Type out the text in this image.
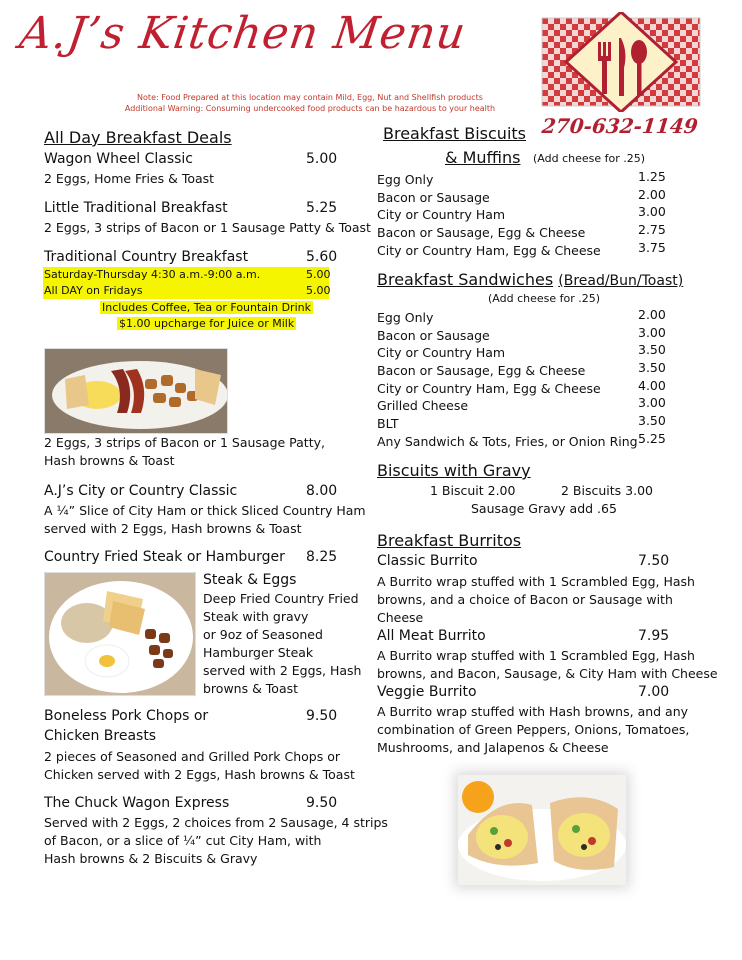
A.J’s Kitchen Menu
Note: Food Prepared at this location may contain Mild, Egg, Nut and Shellfish products
Additional Warning: Consuming undercooked food products can be hazardous to your health
270-632-1149
All Day Breakfast Deals
Wagon Wheel Classic	5.00
2 Eggs, Home Fries & Toast
Little Traditional Breakfast	5.25
2 Eggs, 3 strips of Bacon or 1 Sausage Patty & Toast
Traditional Country Breakfast	5.60
Saturday-Thursday 4:30 a.m.-9:00 a.m.	5.00
All DAY on Fridays	5.00
Includes Coffee, Tea or Fountain Drink
$1.00 upcharge for Juice or Milk
2 Eggs, 3 strips of Bacon or 1 Sausage Patty,
Hash browns & Toast
A.J’s City or Country Classic	8.00
A ¼” Slice of City Ham or thick Sliced Country Ham
served with 2 Eggs, Hash browns & Toast
Country Fried Steak or Hamburger 8.25
Steak & Eggs
Deep Fried Country Fried
Steak with gravy
or 9oz of Seasoned
Hamburger Steak
served with 2 Eggs, Hash
browns & Toast
Boneless Pork Chops or
Chicken Breasts
9.50
2 pieces of Seasoned and Grilled Pork Chops or
Chicken served with 2 Eggs, Hash browns & Toast
The Chuck Wagon Express	9.50
Served with 2 Eggs, 2 choices from 2 Sausage, 4 strips
of Bacon, or a slice of ¼” cut City Ham, with
Hash browns & 2 Biscuits & Gravy
Breakfast Biscuits
& Muffins (Add cheese for .25)
Egg Only	1.25
Bacon or Sausage	2.00
City or Country Ham	3.00
Bacon or Sausage, Egg & Cheese	2.75
City or Country Ham, Egg & Cheese	3.75
Breakfast Sandwiches (Bread/Bun/Toast)
(Add cheese for .25)
Egg Only	2.00
Bacon or Sausage	3.00
City or Country Ham	3.50
Bacon or Sausage, Egg & Cheese	3.50
City or Country Ham, Egg & Cheese	4.00
Grilled Cheese	3.00
BLT	3.50
Any Sandwich & Tots, Fries, or Onion Ring 5.25
Biscuits with Gravy
1 Biscuit 2.00	2 Biscuits 3.00
Sausage Gravy add .65
Breakfast Burritos
Classic Burrito	7.50
A Burrito wrap stuffed with 1 Scrambled Egg, Hash
browns, and a choice of Bacon or Sausage with
Cheese
All Meat Burrito	7.95
A Burrito wrap stuffed with 1 Scrambled Egg, Hash
browns, and Bacon, Sausage, & City Ham with Cheese
Veggie Burrito	7.00
A Burrito wrap stuffed with Hash browns, and any
combination of Green Peppers, Onions, Tomatoes,
Mushrooms, and Jalapenos & Cheese
